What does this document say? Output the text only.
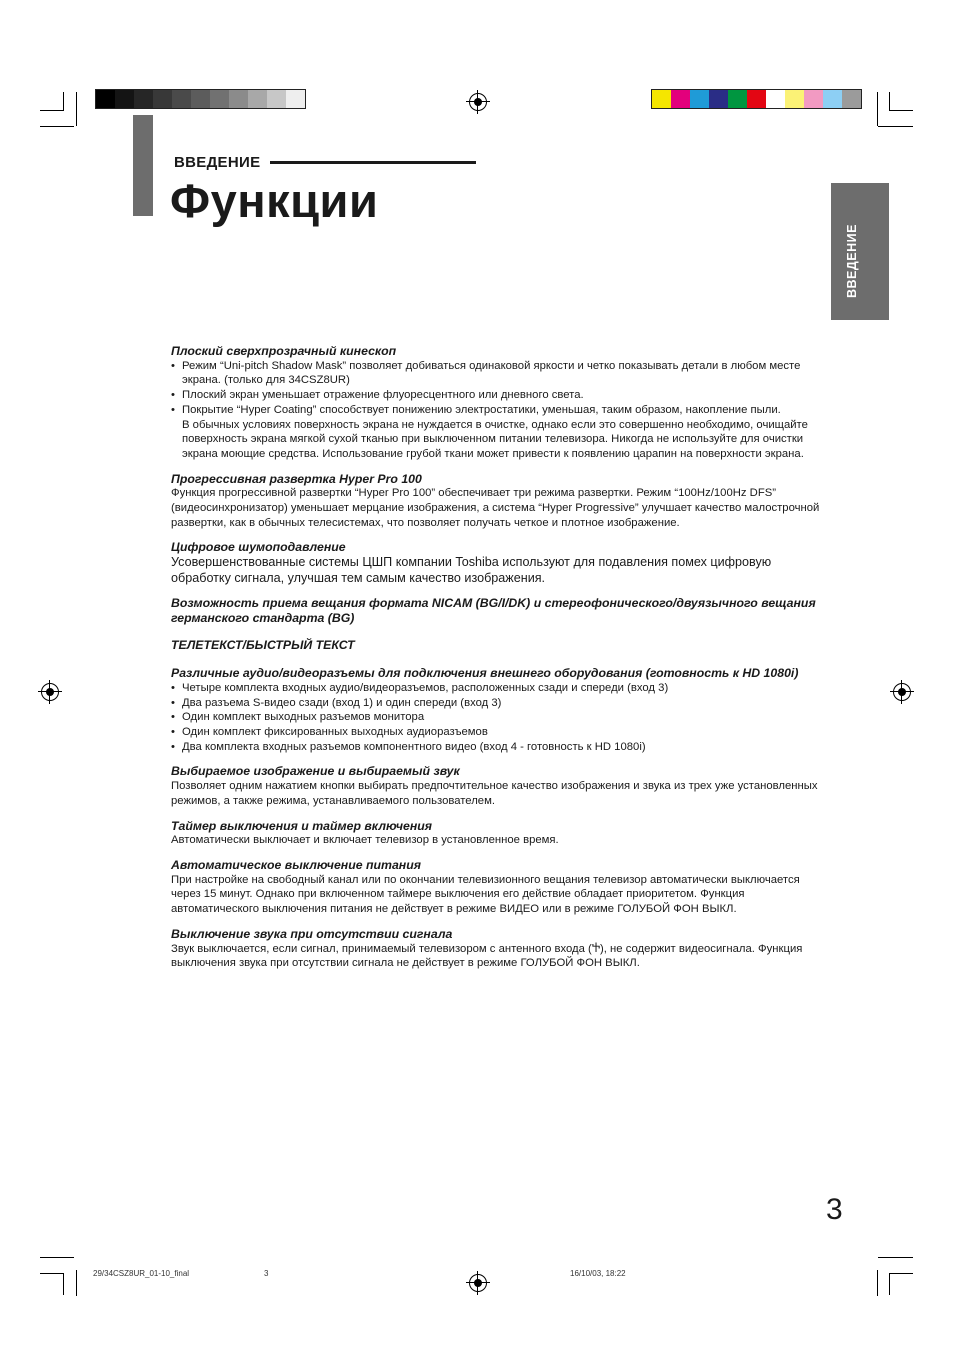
ВВЕДЕНИЕ
Функции
ВВЕДЕНИЕ

Плоский сверхпрозрачный кинескоп

• Режим “Uni-pitch Shadow Mask” позволяет добиваться одинаковой яркости и четко показывать детали в любом месте экрана. (только для 34CSZ8UR)
• Плоский экран уменьшает отражение флуоресцентного или дневного света.
• Покрытие “Hyper Coating” способствует понижению электростатики, уменьшая, таким образом, накопление пыли.

В обычных условиях поверхность экрана не нуждается в очистке, однако если это совершенно необходимо, очищайте поверхность экрана мягкой сухой тканью при выключенном питании телевизора. Никогда не используйте для очистки экрана моющие средства. Использование грубой ткани может привести к появлению царапин на поверхности экрана.

Прогрессивная развертка Hyper Pro 100

Функция прогрессивной развертки “Hyper Pro 100” обеспечивает три режима развертки. Режим “100Hz/100Hz DFS” (видеосинхронизатор) уменьшает мерцание изображения, а система “Hyper Progressive” улучшает качество малострочной развертки, как в обычных телесистемах, что позволяет получать четкое и плотное изображение.

Цифровое шумоподавление

Усовершенствованные системы ЦШП компании Toshiba используют для подавления помех цифровую обработку сигнала, улучшая тем самым качество изображения.

Возможность приема вещания формата NICAM (BG/I/DK) и стереофонического/двуязычного вещания германского стандарта (BG)

ТЕЛЕТЕКСТ/БЫСТРЫЙ ТЕКСТ

Различные аудио/видеоразъемы для подключения внешнего оборудования (готовность к HD 1080i)

• Четыре комплекта входных аудио/видеоразъемов, расположенных сзади и спереди (вход 3)
• Два разъема S-видео сзади (вход 1) и один спереди (вход 3)
• Один комплект выходных разъемов монитора
• Один комплект фиксированных выходных аудиоразъемов
• Два комплекта входных разъемов компонентного видео (вход 4 - готовность к HD 1080i)

Выбираемое изображение и выбираемый звук

Позволяет одним нажатием кнопки выбирать предпочтительное качество изображения и звука из трех уже установленных режимов, а также режима, устанавливаемого пользователем.

Таймер выключения и таймер включения

Автоматически выключает и включает телевизор в установленное время.

Автоматическое выключение питания

При настройке на свободный канал или по окончании телевизионного вещания телевизор автоматически выключается через 15 минут. Однако при включенном таймере выключения его действие обладает приоритетом. Функция автоматического выключения питания не действует в режиме ВИДЕО или в режиме ГОЛУБОЙ ФОН ВЫКЛ.

Выключение звука при отсутствии сигнала

Звук выключается, если сигнал, принимаемый телевизором с антенного входа (Ⴕ), не содержит видеосигнала. Функция выключения звука при отсутствии сигнала не действует в режиме ГОЛУБОЙ ФОН ВЫКЛ.

3
29/34CSZ8UR_01-10_final	3	16/10/03, 18:22
